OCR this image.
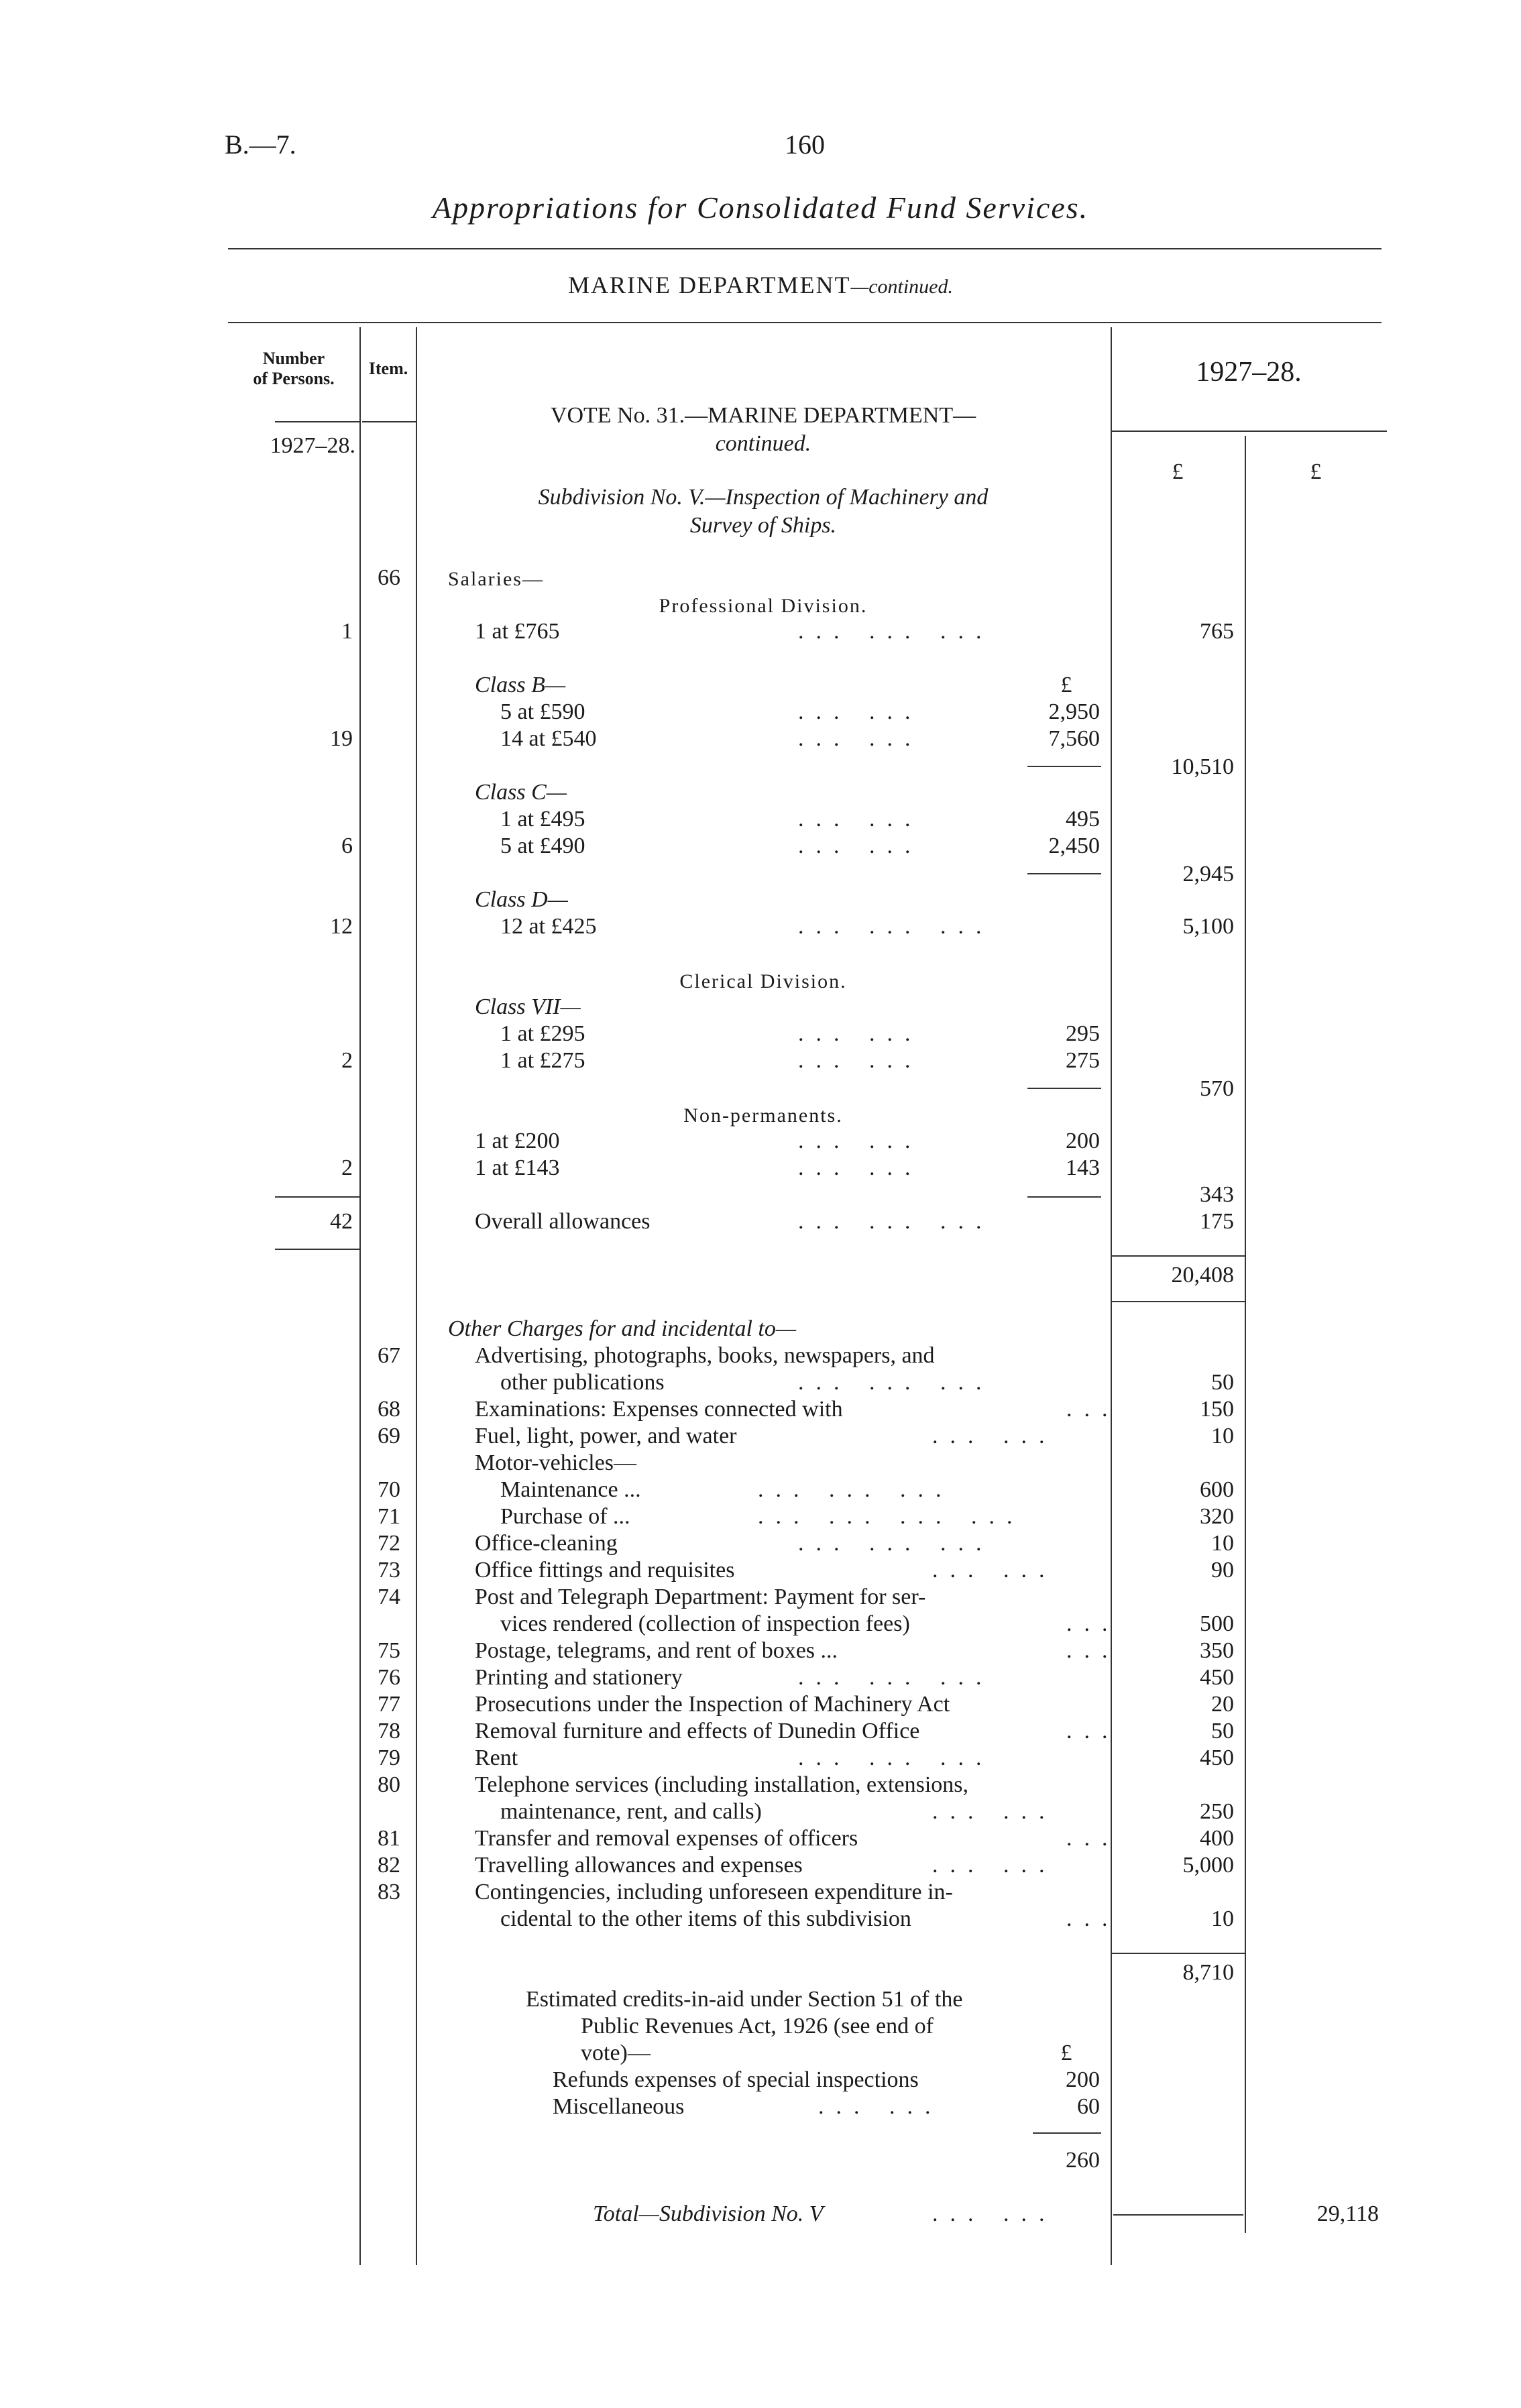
B.—7.	160
Appropriations for Consolidated Fund Services.
MARINE DEPARTMENT—continued.
Number
of Persons.
Item.	1927–28.
1927–28.
£	£
VOTE No. 31.—MARINE DEPARTMENT—
continued.
Subdivision No. V.—Inspection of Machinery and
Survey of Ships.
66	Salaries—
Professional Division.
1	1 at £765	... ... ...	765
Class B—	£
5 at £590	... ...	2,950
19	14 at £540	... ...	7,560
10,510
Class C—
1 at £495	... ...	495
6	5 at £490	... ...	2,450
2,945
Class D—
12	12 at £425	... ... ...	5,100
Clerical Division.
Class VII—
1 at £295	... ...	295
2	1 at £275	... ...	275
570
Non-permanents.
1 at £200	... ...	200
2	1 at £143	... ...	143
343
42	Overall allowances	... ... ...	175
20,408
Other Charges for and incidental to—
67	Advertising, photographs, books, newspapers, and
other publications	... ... ...	50
68	Examinations: Expenses connected with	...	150
69	Fuel, light, power, and water	... ...	10
Motor-vehicles—
70	Maintenance ...	... ... ...	600
71	Purchase of ...	... ... ... ...	320
72	Office-cleaning	... ... ...	10
73	Office fittings and requisites	... ...	90
74	Post and Telegraph Department: Payment for ser-
vices rendered (collection of inspection fees)	...	500
75	Postage, telegrams, and rent of boxes ...	...	350
76	Printing and stationery	... ... ...	450
77	Prosecutions under the Inspection of Machinery Act	20
78	Removal furniture and effects of Dunedin Office	...	50
79	Rent	... ... ...	450
80	Telephone services (including installation, extensions,
maintenance, rent, and calls)	... ...	250
81	Transfer and removal expenses of officers	...	400
82	Travelling allowances and expenses	... ...	5,000
83	Contingencies, including unforeseen expenditure in-
cidental to the other items of this subdivision	...	10
8,710
Estimated credits-in-aid under Section 51 of the
Public Revenues Act, 1926 (see end of
vote)—	£
Refunds expenses of special inspections	200
Miscellaneous	... ...	60
260
Total—Subdivision No. V	... ...	29,118
